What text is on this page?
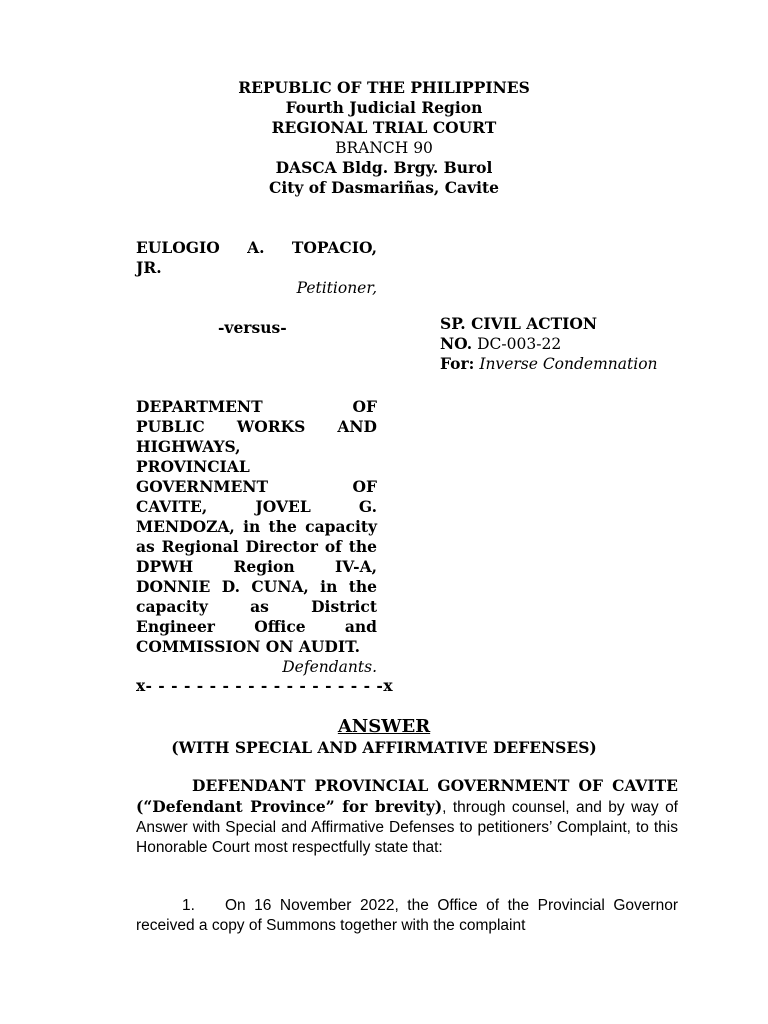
REPUBLIC OF THE PHILIPPINES
Fourth Judicial Region
REGIONAL TRIAL COURT
BRANCH 90
DASCA Bldg. Brgy. Burol
City of Dasmariñas, Cavite
EULOGIO A. TOPACIO,
JR.
Petitioner,
-versus-	SP. CIVIL ACTION
NO. DC-003-22
For: Inverse Condemnation
DEPARTMENT OF
PUBLIC WORKS AND
HIGHWAYS,
PROVINCIAL
GOVERNMENT OF
CAVITE, JOVEL G.
MENDOZA, in the capacity
as Regional Director of the
DPWH Region IV-A,
DONNIE D. CUNA, in the
capacity as District
Engineer Office and
COMMISSION ON AUDIT.
Defendants.
x- - - - - - - - - - - - - - - - - - -x
ANSWER
(WITH SPECIAL AND AFFIRMATIVE DEFENSES)
DEFENDANT PROVINCIAL GOVERNMENT OF CAVITE (“Defendant Province” for brevity), through counsel, and by way of Answer with Special and Affirmative Defenses to petitioners’ Complaint, to this Honorable Court most respectfully state that:
1. On 16 November 2022, the Office of the Provincial Governor received a copy of Summons together with the complaint
